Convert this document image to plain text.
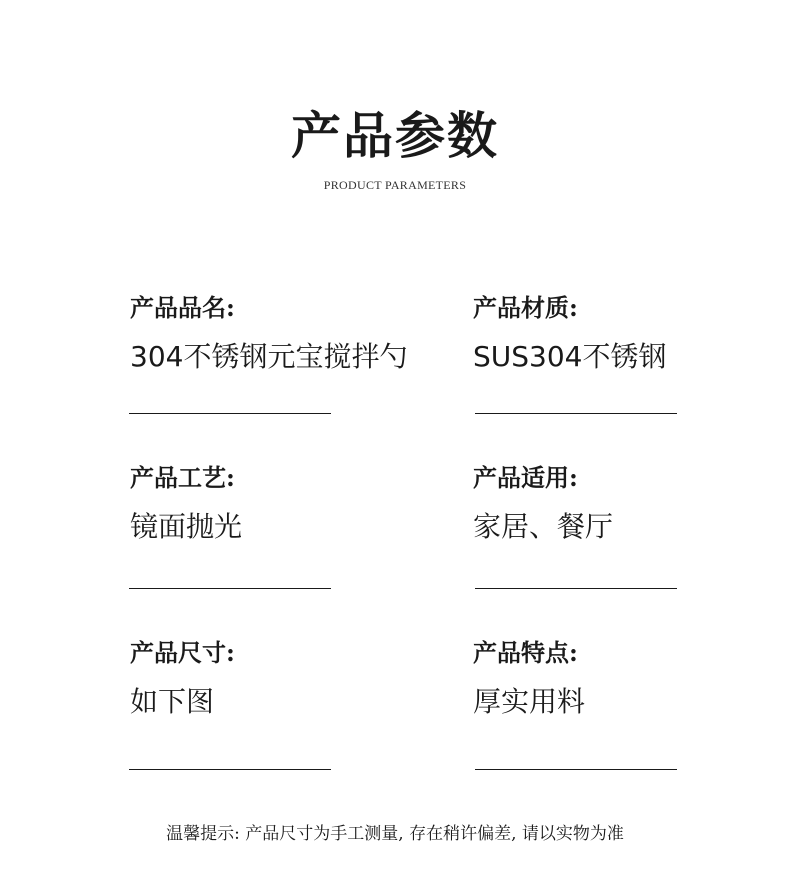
产品参数
PRODUCT PARAMETERS
产品品名:
304不锈钢元宝搅拌勺
产品材质:
SUS304不锈钢
产品工艺:
镜面抛光
产品适用:
家居、餐厅
产品尺寸:
如下图
产品特点:
厚实用料
温馨提示: 产品尺寸为手工测量, 存在稍许偏差, 请以实物为准
